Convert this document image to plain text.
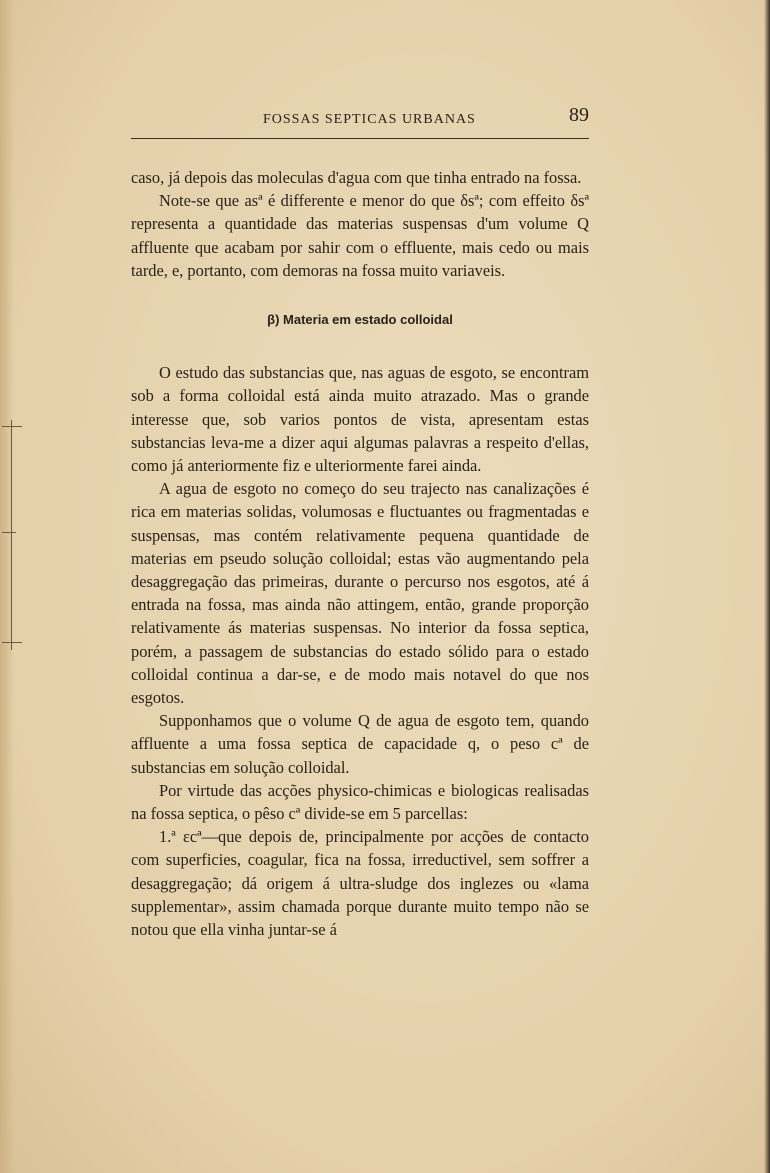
FOSSAS SEPTICAS URBANAS	89

caso, já depois das moleculas d'agua com que tinha entrado na fossa.

Note-se que asª é differente e menor do que δsª; com effeito δsª representa a quantidade das materias suspensas d'um volume Q affluente que acabam por sahir com o effluente, mais cedo ou mais tarde, e, portanto, com demoras na fossa muito variaveis.

β) Materia em estado colloidal

O estudo das substancias que, nas aguas de esgoto, se encontram sob a forma colloidal está ainda muito atrazado. Mas o grande interesse que, sob varios pontos de vista, apresentam estas substancias leva-me a dizer aqui algumas palavras a respeito d'ellas, como já anteriormente fiz e ulteriormente farei ainda.

A agua de esgoto no começo do seu trajecto nas canalizações é rica em materias solidas, volumosas e fluctuantes ou fragmentadas e suspensas, mas contém relativamente pequena quantidade de materias em pseudo solução colloidal; estas vão augmentando pela desaggregação das primeiras, durante o percurso nos esgotos, até á entrada na fossa, mas ainda não attingem, então, grande proporção relativamente ás materias suspensas. No interior da fossa septica, porém, a passagem de substancias do estado sólido para o estado colloidal continua a dar-se, e de modo mais notavel do que nos esgotos.

Supponhamos que o volume Q de agua de esgoto tem, quando affluente a uma fossa septica de capacidade q, o peso cª de substancias em solução colloidal.

Por virtude das acções physico-chimicas e biologicas realisadas na fossa septica, o pêso cª divide-se em 5 parcellas:

1.ª εcª—que depois de, principalmente por acções de contacto com superficies, coagular, fica na fossa, irreductivel, sem soffrer a desaggregação; dá origem á ultra-sludge dos inglezes ou «lama supplementar», assim chamada porque durante muito tempo não se notou que ella vinha juntar-se á
